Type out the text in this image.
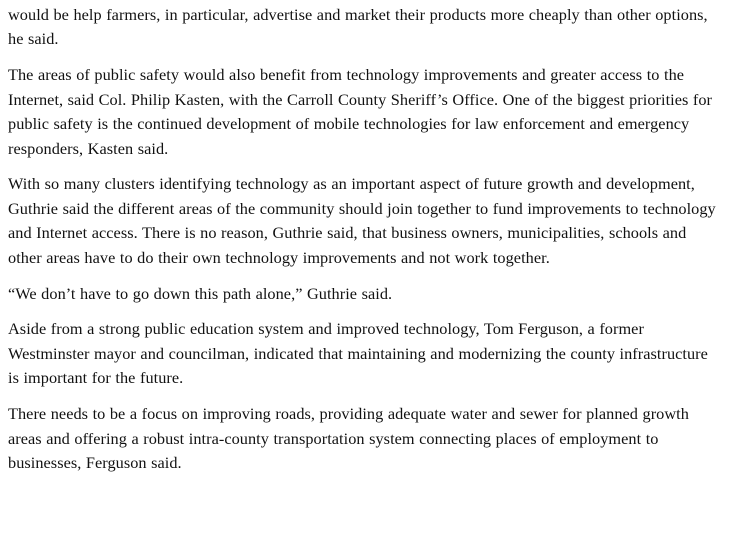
would be help farmers, in particular, advertise and market their products more cheaply than other options, he said.

The areas of public safety would also benefit from technology improvements and greater access to the Internet, said Col. Philip Kasten, with the Carroll County Sheriff’s Office. One of the biggest priorities for public safety is the continued development of mobile technologies for law enforcement and emergency responders, Kasten said.

With so many clusters identifying technology as an important aspect of future growth and development, Guthrie said the different areas of the community should join together to fund improvements to technology and Internet access. There is no reason, Guthrie said, that business owners, municipalities, schools and other areas have to do their own technology improvements and not work together.

“We don’t have to go down this path alone,” Guthrie said.

Aside from a strong public education system and improved technology, Tom Ferguson, a former Westminster mayor and councilman, indicated that maintaining and modernizing the county infrastructure is important for the future.

There needs to be a focus on improving roads, providing adequate water and sewer for planned growth areas and offering a robust intra-county transportation system connecting places of employment to businesses, Ferguson said.
